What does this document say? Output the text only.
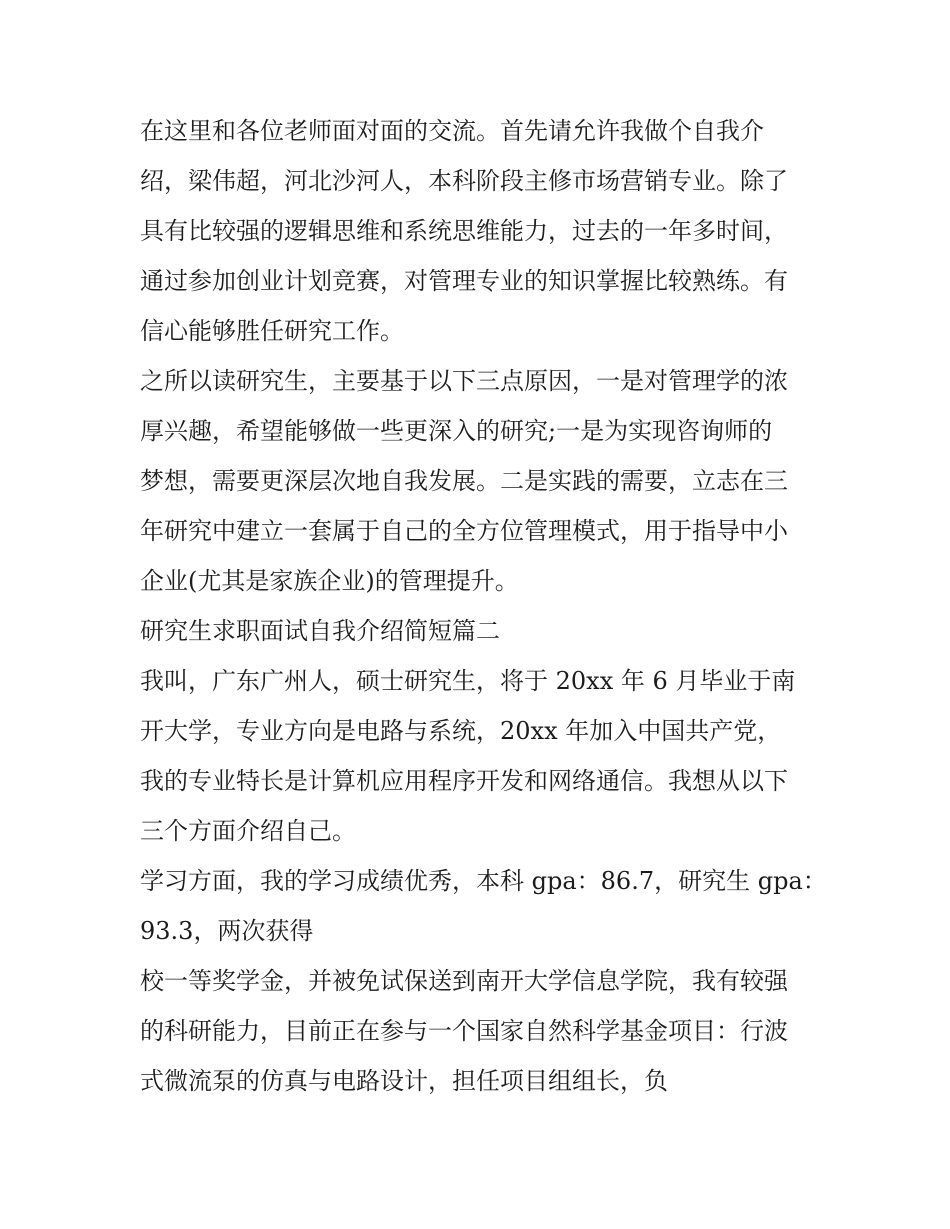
在这里和各位老师面对面的交流。首先请允许我做个自我介
绍，梁伟超，河北沙河人，本科阶段主修市场营销专业。除了
具有比较强的逻辑思维和系统思维能力，过去的一年多时间，
通过参加创业计划竞赛，对管理专业的知识掌握比较熟练。有
信心能够胜任研究工作。
之所以读研究生，主要基于以下三点原因，一是对管理学的浓
厚兴趣，希望能够做一些更深入的研究;一是为实现咨询师的
梦想，需要更深层次地自我发展。二是实践的需要，立志在三
年研究中建立一套属于自己的全方位管理模式，用于指导中小
企业(尤其是家族企业)的管理提升。
研究生求职面试自我介绍简短篇二
我叫，广东广州人，硕士研究生，将于 20xx 年 6 月毕业于南
开大学，专业方向是电路与系统，20xx 年加入中国共产党，
我的专业特长是计算机应用程序开发和网络通信。我想从以下
三个方面介绍自己。
学习方面，我的学习成绩优秀，本科 gpa：86.7，研究生 gpa：
93.3，两次获得
校一等奖学金，并被免试保送到南开大学信息学院，我有较强
的科研能力，目前正在参与一个国家自然科学基金项目：行波
式微流泵的仿真与电路设计，担任项目组组长，负
